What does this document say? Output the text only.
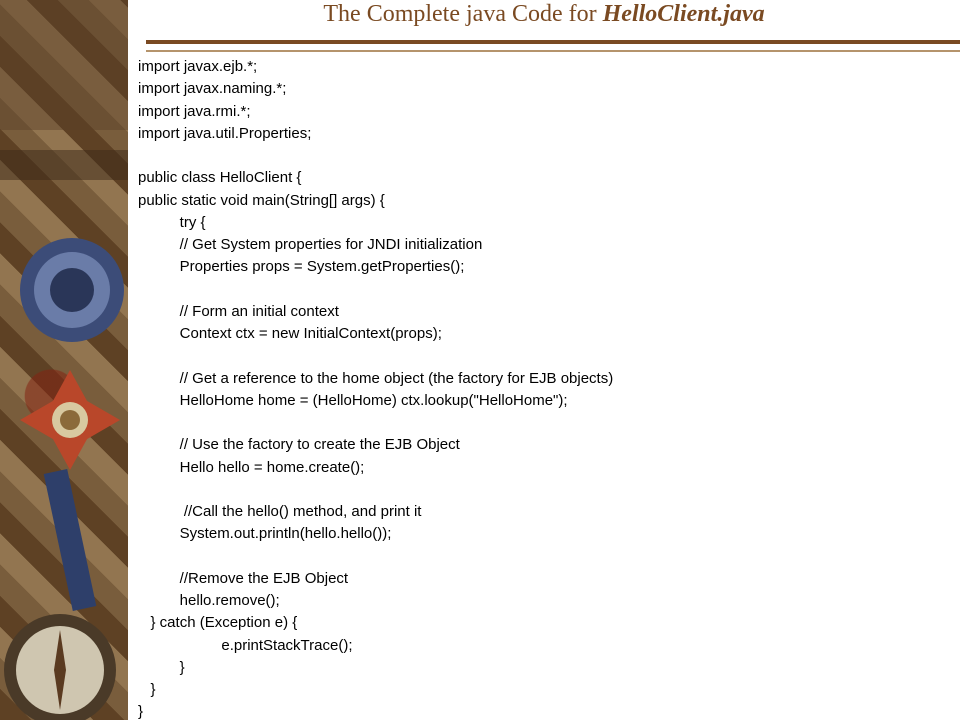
The Complete java Code for HelloClient.java
import javax.ejb.*;
import javax.naming.*;
import java.rmi.*;
import java.util.Properties;
public class HelloClient {
public static void main(String[] args) {
try {
// Get System properties for JNDI initialization
Properties props = System.getProperties();
// Form an initial context
Context ctx = new InitialContext(props);
// Get a reference to the home object (the factory for EJB objects)
HelloHome home = (HelloHome) ctx.lookup("HelloHome");
// Use the factory to create the EJB Object
Hello hello = home.create();
//Call the hello() method, and print it
System.out.println(hello.hello());
//Remove the EJB Object
hello.remove();
} catch (Exception e) {
e.printStackTrace();
}
}
}
